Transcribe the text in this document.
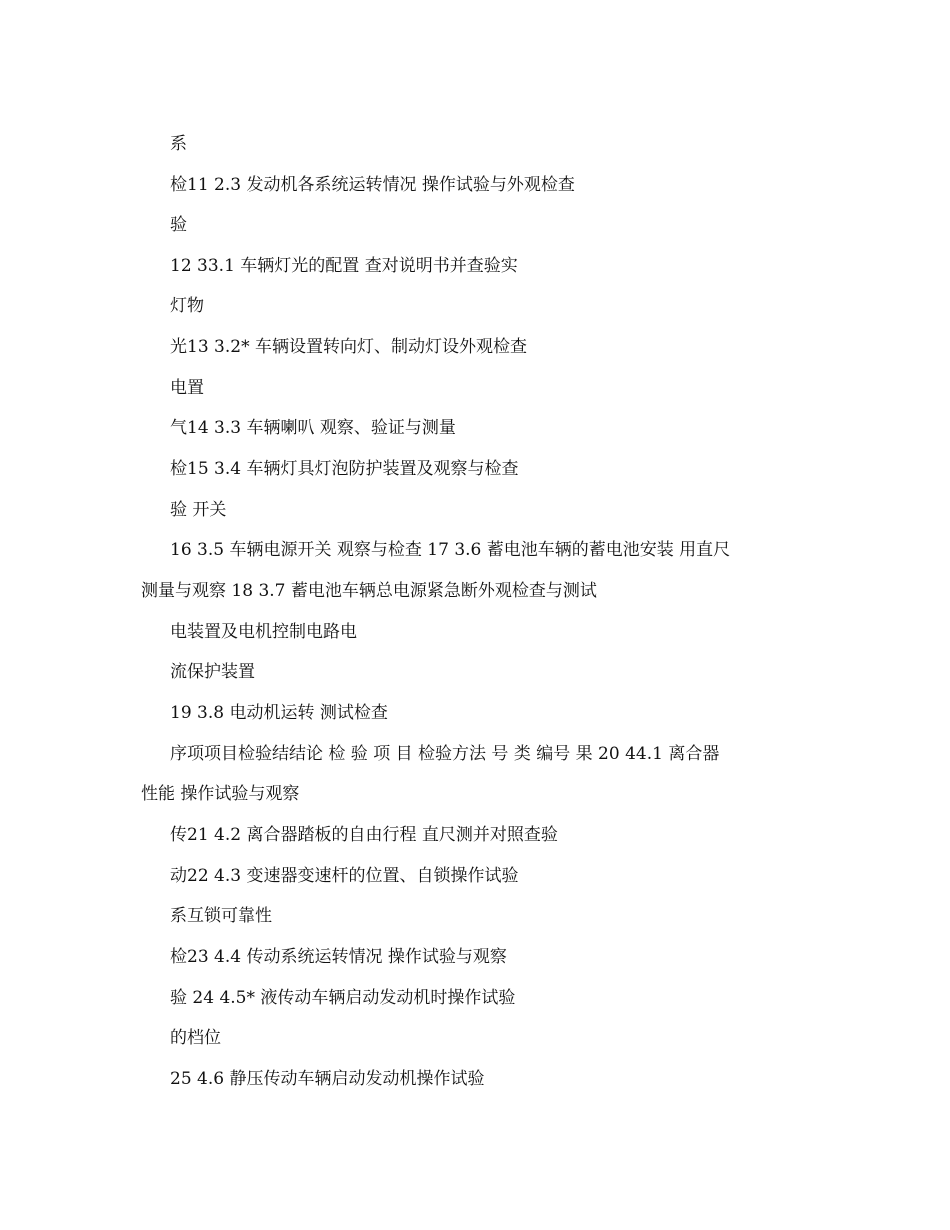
系
检11 2.3 发动机各系统运转情况 操作试验与外观检查
验
12 33.1 车辆灯光的配置 查对说明书并查验实
灯物
光13 3.2* 车辆设置转向灯、制动灯设外观检查
电置
气14 3.3 车辆喇叭 观察、验证与测量
检15 3.4 车辆灯具灯泡防护装置及观察与检查
验 开关
16 3.5 车辆电源开关 观察与检查 17 3.6 蓄电池车辆的蓄电池安装 用直尺
测量与观察 18 3.7 蓄电池车辆总电源紧急断外观检查与测试
电装置及电机控制电路电
流保护装置
19 3.8 电动机运转 测试检查
序项项目检验结结论 检 验 项 目 检验方法 号 类 编号 果 20 44.1 离合器
性能 操作试验与观察
传21 4.2 离合器踏板的自由行程 直尺测并对照查验
动22 4.3 变速器变速杆的位置、自锁操作试验
系互锁可靠性
检23 4.4 传动系统运转情况 操作试验与观察
验 24 4.5* 液传动车辆启动发动机时操作试验
的档位
25 4.6 静压传动车辆启动发动机操作试验
